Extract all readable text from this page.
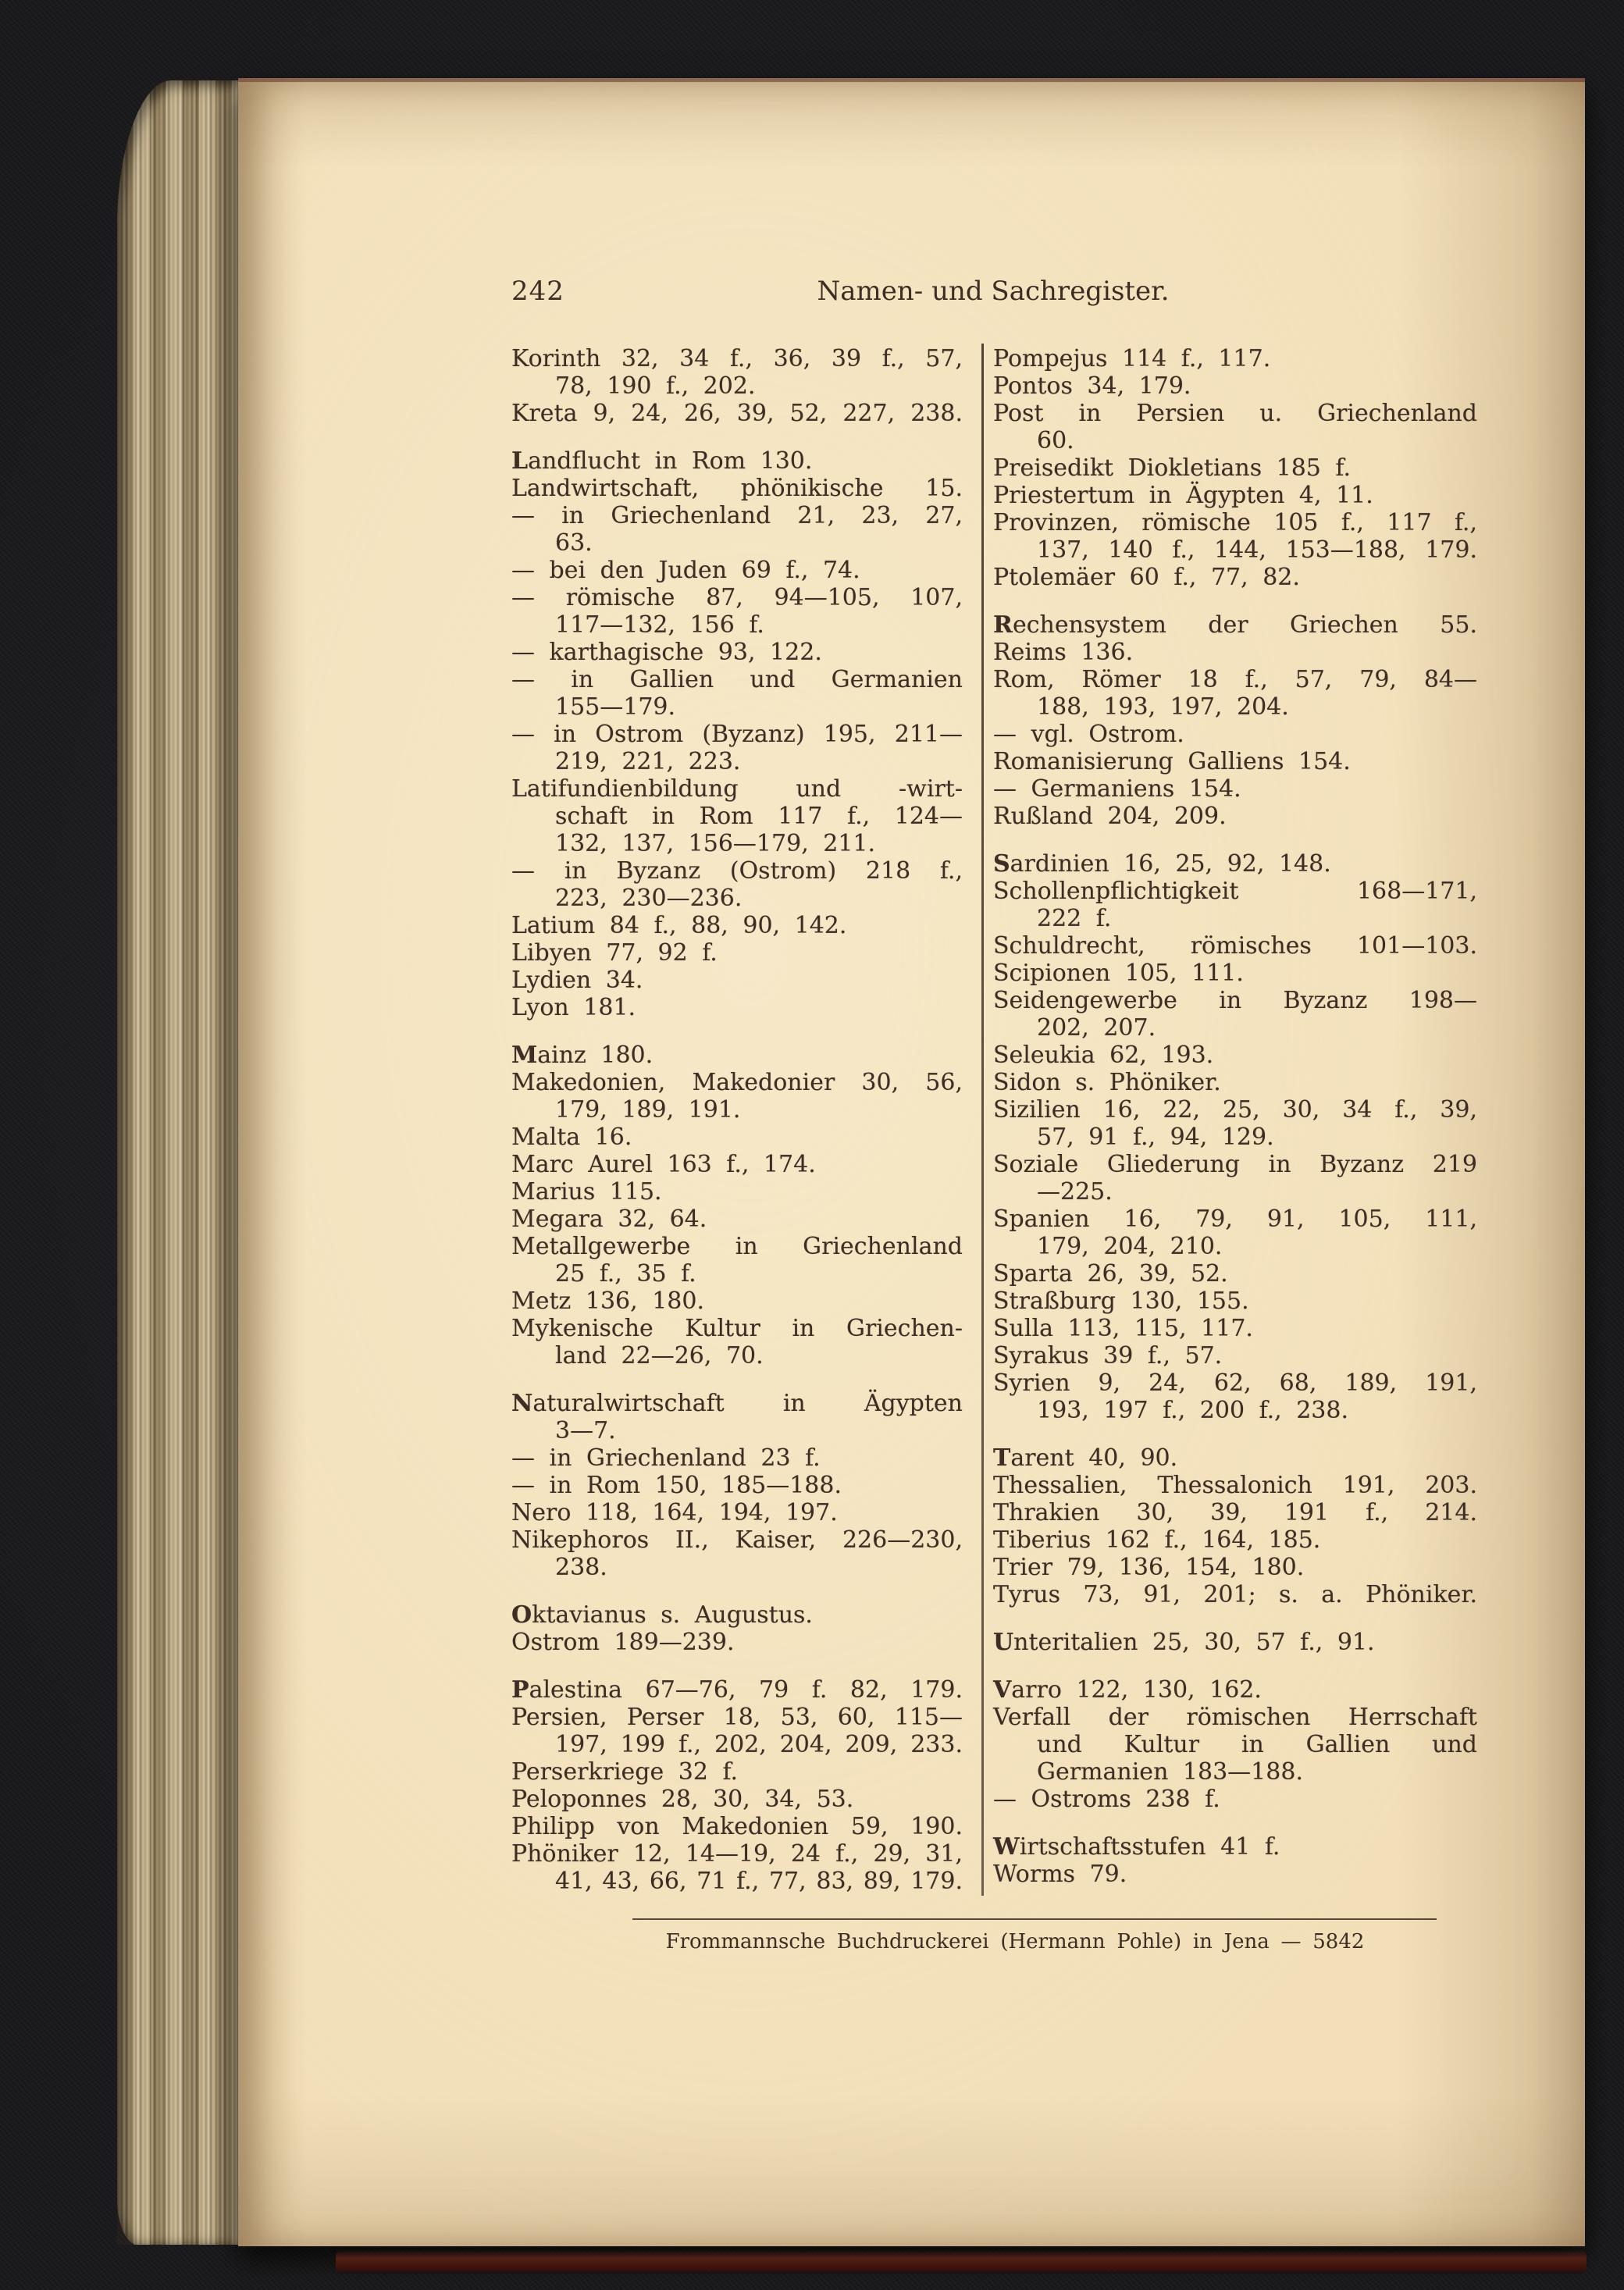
242	Namen- und Sachregister.
Korinth 32, 34 f., 36, 39 f., 57,
78, 190 f., 202.
Kreta 9, 24, 26, 39, 52, 227, 238.
Landflucht in Rom 130.
Landwirtschaft, phönikische 15.
— in Griechenland 21, 23, 27,
63.
— bei den Juden 69 f., 74.
— römische 87, 94—105, 107,
117—132, 156 f.
— karthagische 93, 122.
— in Gallien und Germanien
155—179.
— in Ostrom (Byzanz) 195, 211—
219, 221, 223.
Latifundienbildung und -wirt-
schaft in Rom 117 f., 124—
132, 137, 156—179, 211.
— in Byzanz (Ostrom) 218 f.,
223, 230—236.
Latium 84 f., 88, 90, 142.
Libyen 77, 92 f.
Lydien 34.
Lyon 181.
Mainz 180.
Makedonien, Makedonier 30, 56,
179, 189, 191.
Malta 16.
Marc Aurel 163 f., 174.
Marius 115.
Megara 32, 64.
Metallgewerbe in Griechenland
25 f., 35 f.
Metz 136, 180.
Mykenische Kultur in Griechen-
land 22—26, 70.
Naturalwirtschaft in Ägypten
3—7.
— in Griechenland 23 f.
— in Rom 150, 185—188.
Nero 118, 164, 194, 197.
Nikephoros II., Kaiser, 226—230,
238.
Oktavianus s. Augustus.
Ostrom 189—239.
Palestina 67—76, 79 f. 82, 179.
Persien, Perser 18, 53, 60, 115—
197, 199 f., 202, 204, 209, 233.
Perserkriege 32 f.
Peloponnes 28, 30, 34, 53.
Philipp von Makedonien 59, 190.
Phöniker 12, 14—19, 24 f., 29, 31,
41, 43, 66, 71 f., 77, 83, 89, 179.
Pompejus 114 f., 117.
Pontos 34, 179.
Post in Persien u. Griechenland
60.
Preisedikt Diokletians 185 f.
Priestertum in Ägypten 4, 11.
Provinzen, römische 105 f., 117 f.,
137, 140 f., 144, 153—188, 179.
Ptolemäer 60 f., 77, 82.
Rechensystem der Griechen 55.
Reims 136.
Rom, Römer 18 f., 57, 79, 84—
188, 193, 197, 204.
— vgl. Ostrom.
Romanisierung Galliens 154.
— Germaniens 154.
Rußland 204, 209.
Sardinien 16, 25, 92, 148.
Schollenpflichtigkeit 168—171,
222 f.
Schuldrecht, römisches 101—103.
Scipionen 105, 111.
Seidengewerbe in Byzanz 198—
202, 207.
Seleukia 62, 193.
Sidon s. Phöniker.
Sizilien 16, 22, 25, 30, 34 f., 39,
57, 91 f., 94, 129.
Soziale Gliederung in Byzanz 219
—225.
Spanien 16, 79, 91, 105, 111,
179, 204, 210.
Sparta 26, 39, 52.
Straßburg 130, 155.
Sulla 113, 115, 117.
Syrakus 39 f., 57.
Syrien 9, 24, 62, 68, 189, 191,
193, 197 f., 200 f., 238.
Tarent 40, 90.
Thessalien, Thessalonich 191, 203.
Thrakien 30, 39, 191 f., 214.
Tiberius 162 f., 164, 185.
Trier 79, 136, 154, 180.
Tyrus 73, 91, 201; s. a. Phöniker.
Unteritalien 25, 30, 57 f., 91.
Varro 122, 130, 162.
Verfall der römischen Herrschaft
und Kultur in Gallien und
Germanien 183—188.
— Ostroms 238 f.
Wirtschaftsstufen 41 f.
Worms 79.
Frommannsche Buchdruckerei (Hermann Pohle) in Jena — 5842
